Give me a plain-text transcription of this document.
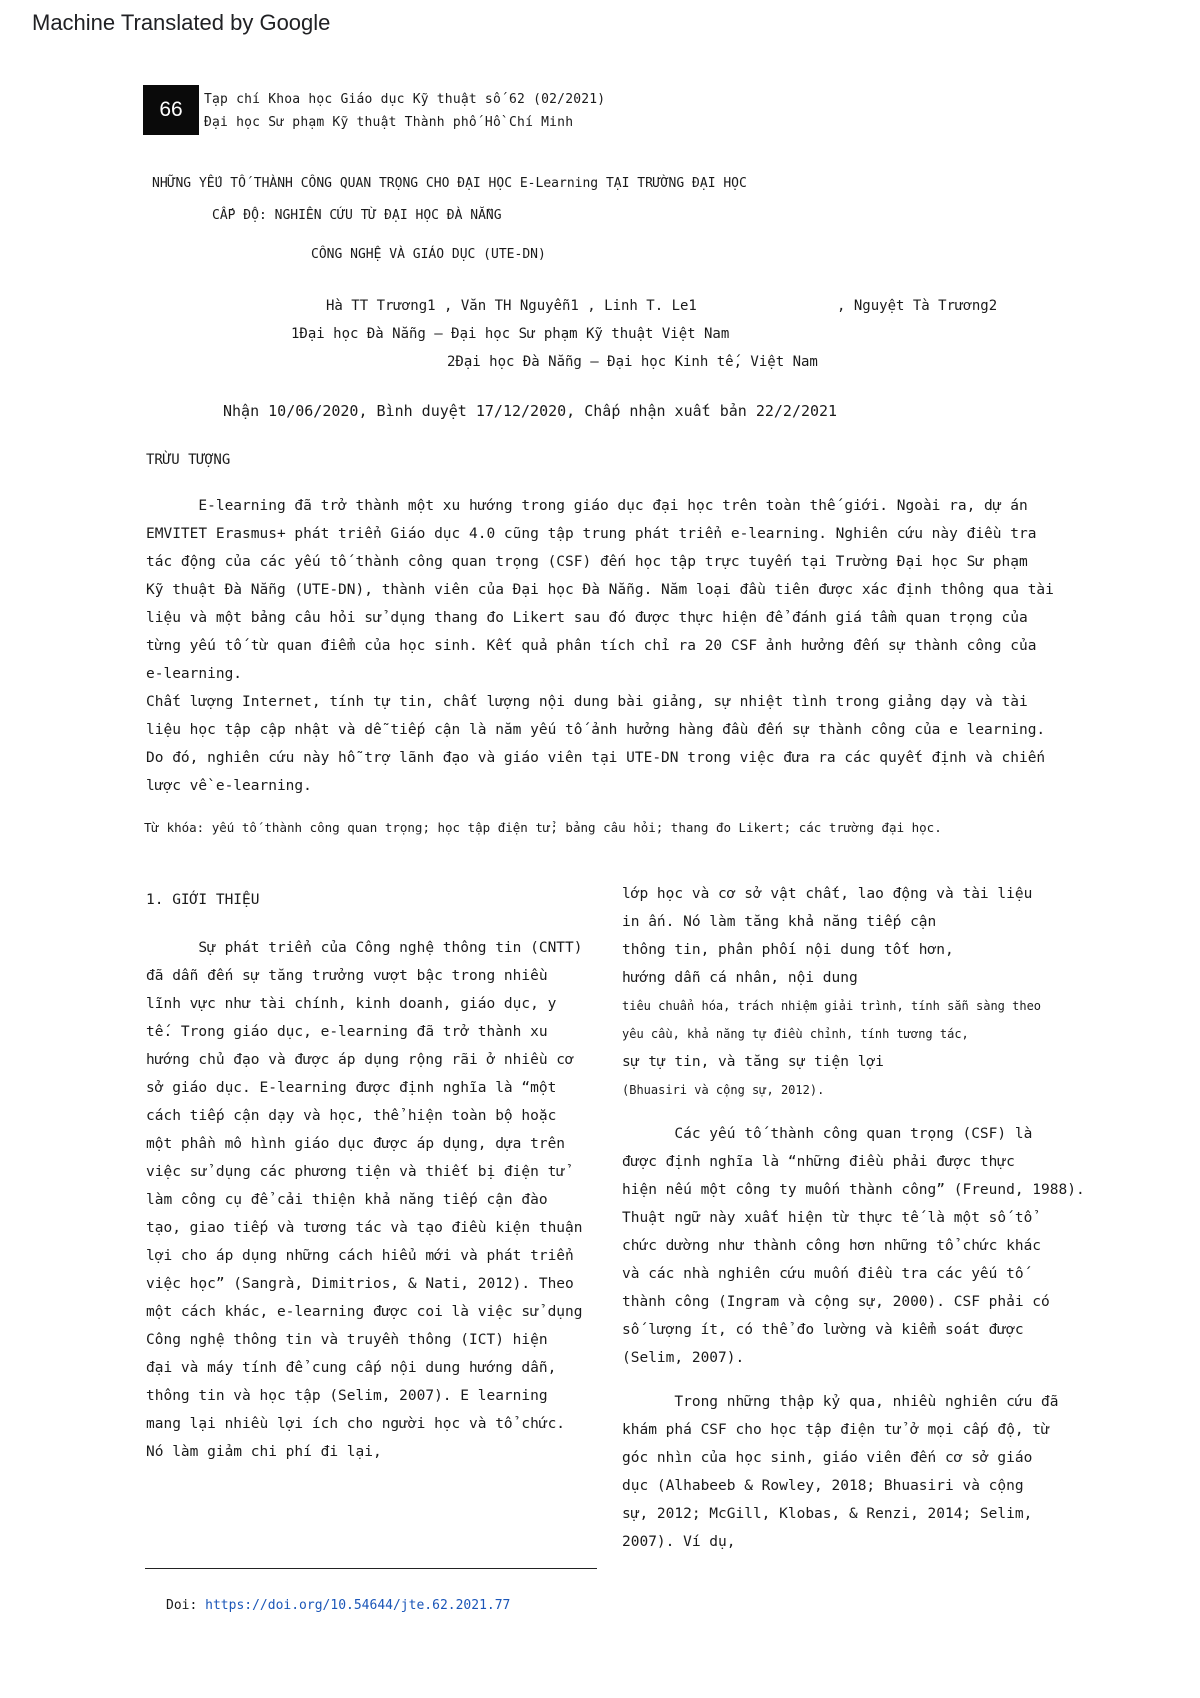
Machine Translated by Google
66	Tạp chí Khoa học Giáo dục Kỹ thuật số 62 (02/2021)
Đại học Sư phạm Kỹ thuật Thành phố Hồ Chí Minh
NHỮNG YẾU TỐ THÀNH CÔNG QUAN TRỌNG CHO ĐẠI HỌC E-Learning TẠI TRƯỜNG ĐẠI HỌC
CẤP ĐỘ: NGHIÊN CỨU TỪ ĐẠI HỌC ĐÀ NẴNG
CÔNG NGHỆ VÀ GIÁO DỤC (UTE-DN)
Hà TT Trương1 , Văn TH Nguyễn1 , Linh T. Le1	, Nguyệt Tà Trương2
1Đại học Đà Nẵng – Đại học Sư phạm Kỹ thuật Việt Nam
2Đại học Đà Nẵng – Đại học Kinh tế, Việt Nam
Nhận 10/06/2020, Bình duyệt 17/12/2020, Chấp nhận xuất bản 22/2/2021
TRỪU TƯỢNG

E-learning đã trở thành một xu hướng trong giáo dục đại học trên toàn thế giới. Ngoài ra, dự án

EMVITET Erasmus+ phát triển Giáo dục 4.0 cũng tập trung phát triển e-learning. Nghiên cứu này điều tra

tác động của các yếu tố thành công quan trọng (CSF) đến học tập trực tuyến tại Trường Đại học Sư phạm

Kỹ thuật Đà Nẵng (UTE-DN), thành viên của Đại học Đà Nẵng. Năm loại đầu tiên được xác định thông qua tài

liệu và một bảng câu hỏi sử dụng thang đo Likert sau đó được thực hiện để đánh giá tầm quan trọng của

từng yếu tố từ quan điểm của học sinh. Kết quả phân tích chỉ ra 20 CSF ảnh hưởng đến sự thành công của

e-learning.

Chất lượng Internet, tính tự tin, chất lượng nội dung bài giảng, sự nhiệt tình trong giảng dạy và tài

liệu học tập cập nhật và dễ tiếp cận là năm yếu tố ảnh hưởng hàng đầu đến sự thành công của e learning.

Do đó, nghiên cứu này hỗ trợ lãnh đạo và giáo viên tại UTE-DN trong việc đưa ra các quyết định và chiến

lược về e-learning.

Từ khóa: yếu tố thành công quan trọng; học tập điện tử; bảng câu hỏi; thang đo Likert; các trường đại học.
1. GIỚI THIỆU
Sự phát triển của Công nghệ thông tin (CNTT)
đã dẫn đến sự tăng trưởng vượt bậc trong nhiều
lĩnh vực như tài chính, kinh doanh, giáo dục, y
tế. Trong giáo dục, e-learning đã trở thành xu
hướng chủ đạo và được áp dụng rộng rãi ở nhiều cơ
sở giáo dục. E-learning được định nghĩa là “một
cách tiếp cận dạy và học, thể hiện toàn bộ hoặc
một phần mô hình giáo dục được áp dụng, dựa trên
việc sử dụng các phương tiện và thiết bị điện tử
làm công cụ để cải thiện khả năng tiếp cận đào
tạo, giao tiếp và tương tác và tạo điều kiện thuận
lợi cho áp dụng những cách hiểu mới và phát triển
việc học” (Sangrà, Dimitrios, & Nati, 2012). Theo
một cách khác, e-learning được coi là việc sử dụng
Công nghệ thông tin và truyền thông (ICT) hiện
đại và máy tính để cung cấp nội dung hướng dẫn,
thông tin và học tập (Selim, 2007). E learning
mang lại nhiều lợi ích cho người học và tổ chức.
Nó làm giảm chi phí đi lại,
lớp học và cơ sở vật chất, lao động và tài liệu
in ấn. Nó làm tăng khả năng tiếp cận
thông tin, phân phối nội dung tốt hơn,
hướng dẫn cá nhân, nội dung
tiêu chuẩn hóa, trách nhiệm giải trình, tính sẵn sàng theo
yêu cầu, khả năng tự điều chỉnh, tính tương tác,
sự tự tin, và tăng sự tiện lợi
(Bhuasiri và cộng sự, 2012).
Các yếu tố thành công quan trọng (CSF) là
được định nghĩa là “những điều phải được thực
hiện nếu một công ty muốn thành công” (Freund, 1988).
Thuật ngữ này xuất hiện từ thực tế là một số tổ
chức dường như thành công hơn những tổ chức khác
và các nhà nghiên cứu muốn điều tra các yếu tố
thành công (Ingram và cộng sự, 2000). CSF phải có
số lượng ít, có thể đo lường và kiểm soát được
(Selim, 2007).
Trong những thập kỷ qua, nhiều nghiên cứu đã
khám phá CSF cho học tập điện tử ở mọi cấp độ, từ
góc nhìn của học sinh, giáo viên đến cơ sở giáo
dục (Alhabeeb & Rowley, 2018; Bhuasiri và cộng
sự, 2012; McGill, Klobas, & Renzi, 2014; Selim,
2007). Ví dụ,
Doi: https://doi.org/10.54644/jte.62.2021.77
